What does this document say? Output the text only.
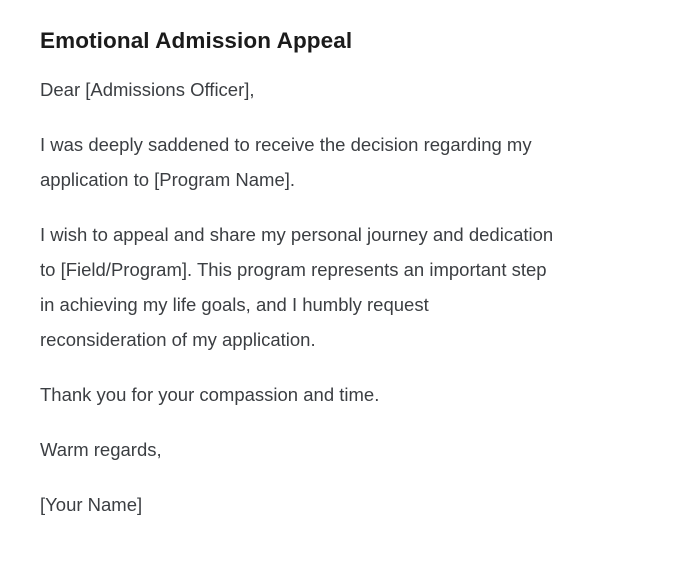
Emotional Admission Appeal

Dear [Admissions Officer],

I was deeply saddened to receive the decision regarding my
application to [Program Name].

I wish to appeal and share my personal journey and dedication
to [Field/Program]. This program represents an important step
in achieving my life goals, and I humbly request
reconsideration of my application.

Thank you for your compassion and time.

Warm regards,

[Your Name]
